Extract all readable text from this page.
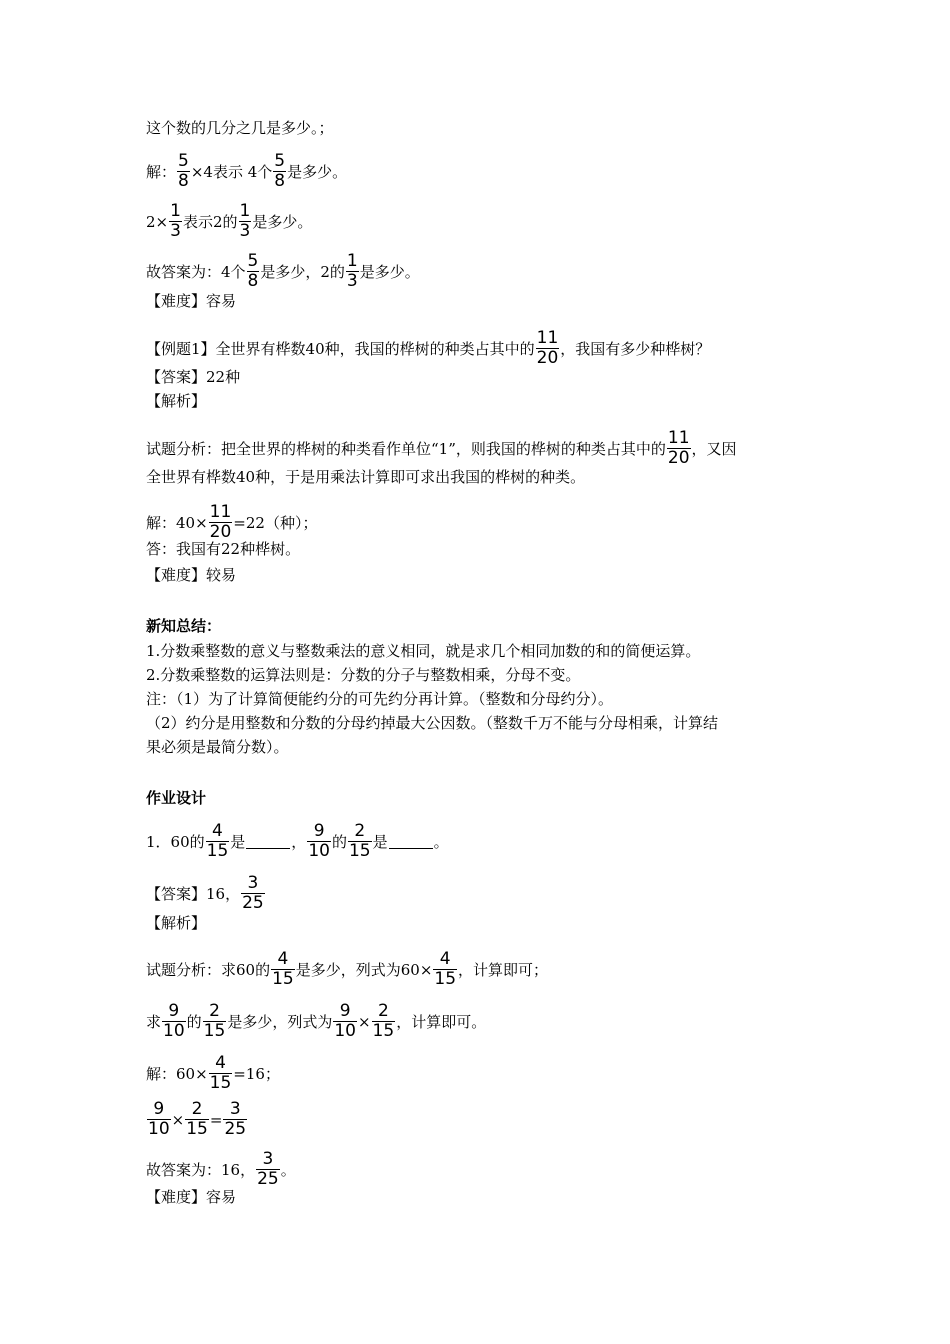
这个数的几分之几是多少。；
解： $\frac{5}{8} \times 4$表示 4个 $\frac{5}{8}$ 是多少。
$2\times \frac{1}{3}$ 表示2的 $\frac{1}{3}$ 是多少。
故答案为：4个 $\frac{5}{8}$ 是多少，2的 $\frac{1}{3}$ 是多少。
【难度】容易
【例题1】全世界有桦数40种，我国的桦树的种类占其中的 $\frac{11}{20}$ ，我国有多少种桦树？
【答案】22种
【解析】
试题分析：把全世界的桦树的种类看作单位“1”，则我国的桦树的种类占其中的 $\frac{11}{20}$ ，又因
全世界有桦数40种，于是用乘法计算即可求出我国的桦树的种类。
解：$40\times \frac{11}{20} =22$（种）；
答：我国有22种桦树。
【难度】较易
新知总结：
1.分数乘整数的意义与整数乘法的意义相同，就是求几个相同加数的和的简便运算。
2.分数乘整数的运算法则是：分数的分子与整数相乘，分母不变。
注：（1）为了计算简便能约分的可先约分再计算。（整数和分母约分）。
（2）约分是用整数和分数的分母约掉最大公因数。（整数千万不能与分母相乘，计算结
果必须是最简分数）。
作业设计
1．60的 $\frac{4}{15}$ 是	， $\frac{9}{10}$ 的 $\frac{2}{15}$ 是	。
【答案】16， $\frac{3}{25}$
【解析】
试题分析：求60的 $\frac{4}{15}$ 是多少，列式为$60\times \frac{4}{15}$ ，计算即可；
求 $\frac{9}{10}$ 的 $\frac{2}{15}$ 是多少，列式为 $\frac{9}{10} \times \frac{2}{15}$ ，计算即可。
解：$60\times \frac{4}{15} =16$；
$\frac{9}{10} \times \frac{2}{15} = \frac{3}{25}$
故答案为：16， $\frac{3}{25}$ 。
【难度】容易
